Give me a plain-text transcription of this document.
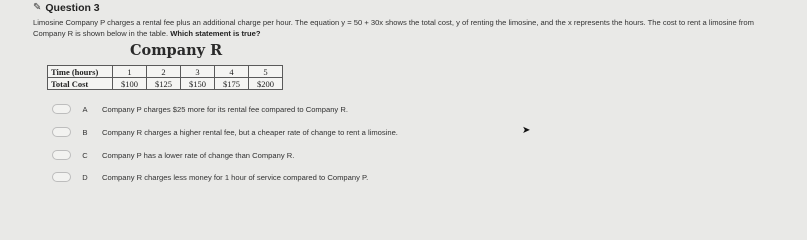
✎ Question 3
Limosine Company P charges a rental fee plus an additional charge per hour. The equation y = 50 + 30x shows the total cost, y of renting the limosine, and the x represents the hours. The cost to rent a limosine from
Company R is shown below in the table. Which statement is true?
Company R
Time (hours)	1	2	3	4	5
Total Cost	$100	$125	$150	$175	$200
A	Company P charges $25 more for its rental fee compared to Company R.
B	Company R charges a higher rental fee, but a cheaper rate of change to rent a limosine.
C	Company P has a lower rate of change than Company R.
D	Company R charges less money for 1 hour of service compared to Company P.
➤
